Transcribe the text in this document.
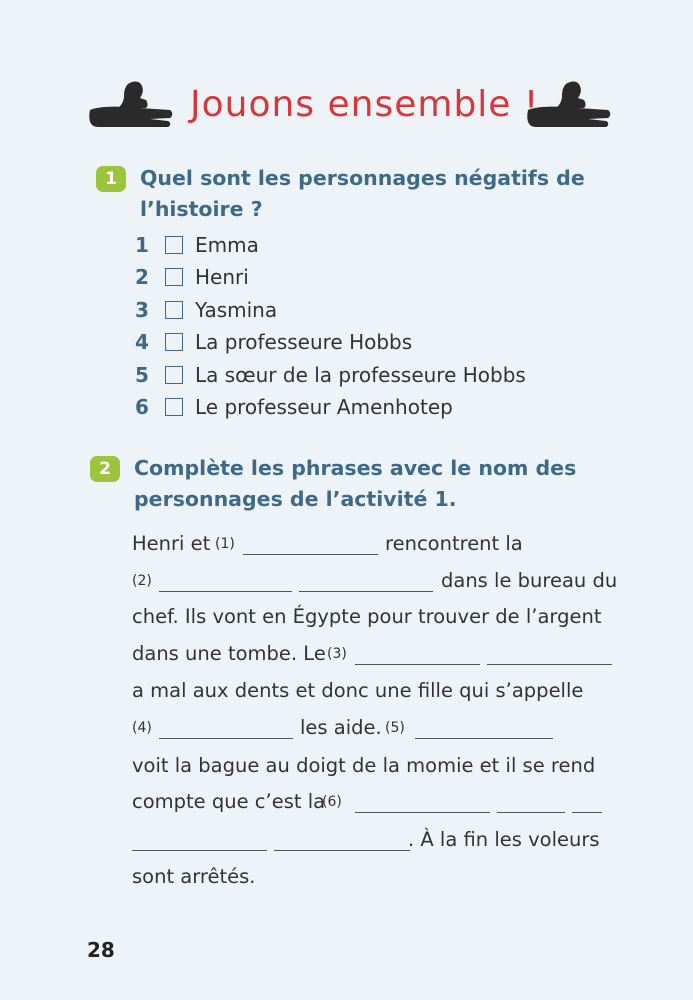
Jouons ensemble !
1	Quel sont les personnages négatifs de
l’histoire ?
1	Emma
2	Henri
3	Yasmina
4	La professeure Hobbs
5	La sœur de la professeure Hobbs
6	Le professeur Amenhotep
2	Complète les phrases avec le nom des
personnages de l’activité 1.
Henri et (1)	rencontrent la
(2)	dans le bureau du
chef. Ils vont en Égypte pour trouver de l’argent
dans une tombe. Le (3)
a mal aux dents et donc une fille qui s’appelle
(4)	les aide. (5)
voit la bague au doigt de la momie et il se rend
compte que c’est la
(6)
. À la fin les voleurs
sont arrêtés.
28
